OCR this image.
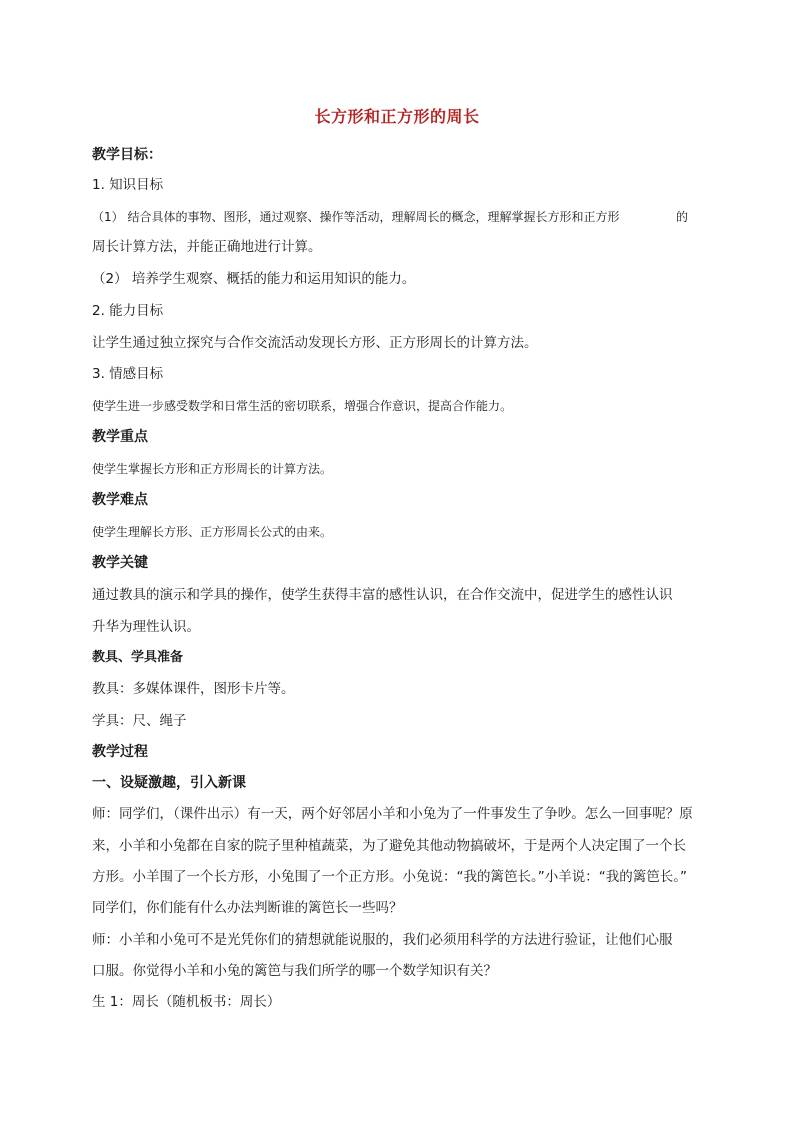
长方形和正方形的周长
教学目标：
1. 知识目标
（1） 结合具体的事物、图形，通过观察、操作等活动，理解周长的概念，理解掌握长方形和正方形	的
周长计算方法，并能正确地进行计算。
（2） 培养学生观察、概括的能力和运用知识的能力。
2. 能力目标
让学生通过独立探究与合作交流活动发现长方形、正方形周长的计算方法。
3. 情感目标
使学生进一步感受数学和日常生活的密切联系，增强合作意识，提高合作能力。
教学重点
使学生掌握长方形和正方形周长的计算方法。
教学难点
使学生理解长方形、正方形周长公式的由来。
教学关键
通过教具的演示和学具的操作，使学生获得丰富的感性认识，在合作交流中，促进学生的感性认识
升华为理性认识。
教具、学具准备
教具：多媒体课件，图形卡片等。
学具：尺、绳子
教学过程
一、设疑激趣，引入新课
师：同学们，（课件出示）有一天，两个好邻居小羊和小兔为了一件事发生了争吵。怎么一回事呢？原
来，小羊和小兔都在自家的院子里种植蔬菜，为了避免其他动物搞破坏，于是两个人决定围了一个长
方形。小羊围了一个长方形，小兔围了一个正方形。小兔说：“我的篱笆长。”小羊说：“我的篱笆长。”
同学们，你们能有什么办法判断谁的篱笆长一些吗？
师：小羊和小兔可不是光凭你们的猜想就能说服的，我们必须用科学的方法进行验证，让他们心服
口服。你觉得小羊和小兔的篱笆与我们所学的哪一个数学知识有关？
生 1：周长（随机板书：周长）
